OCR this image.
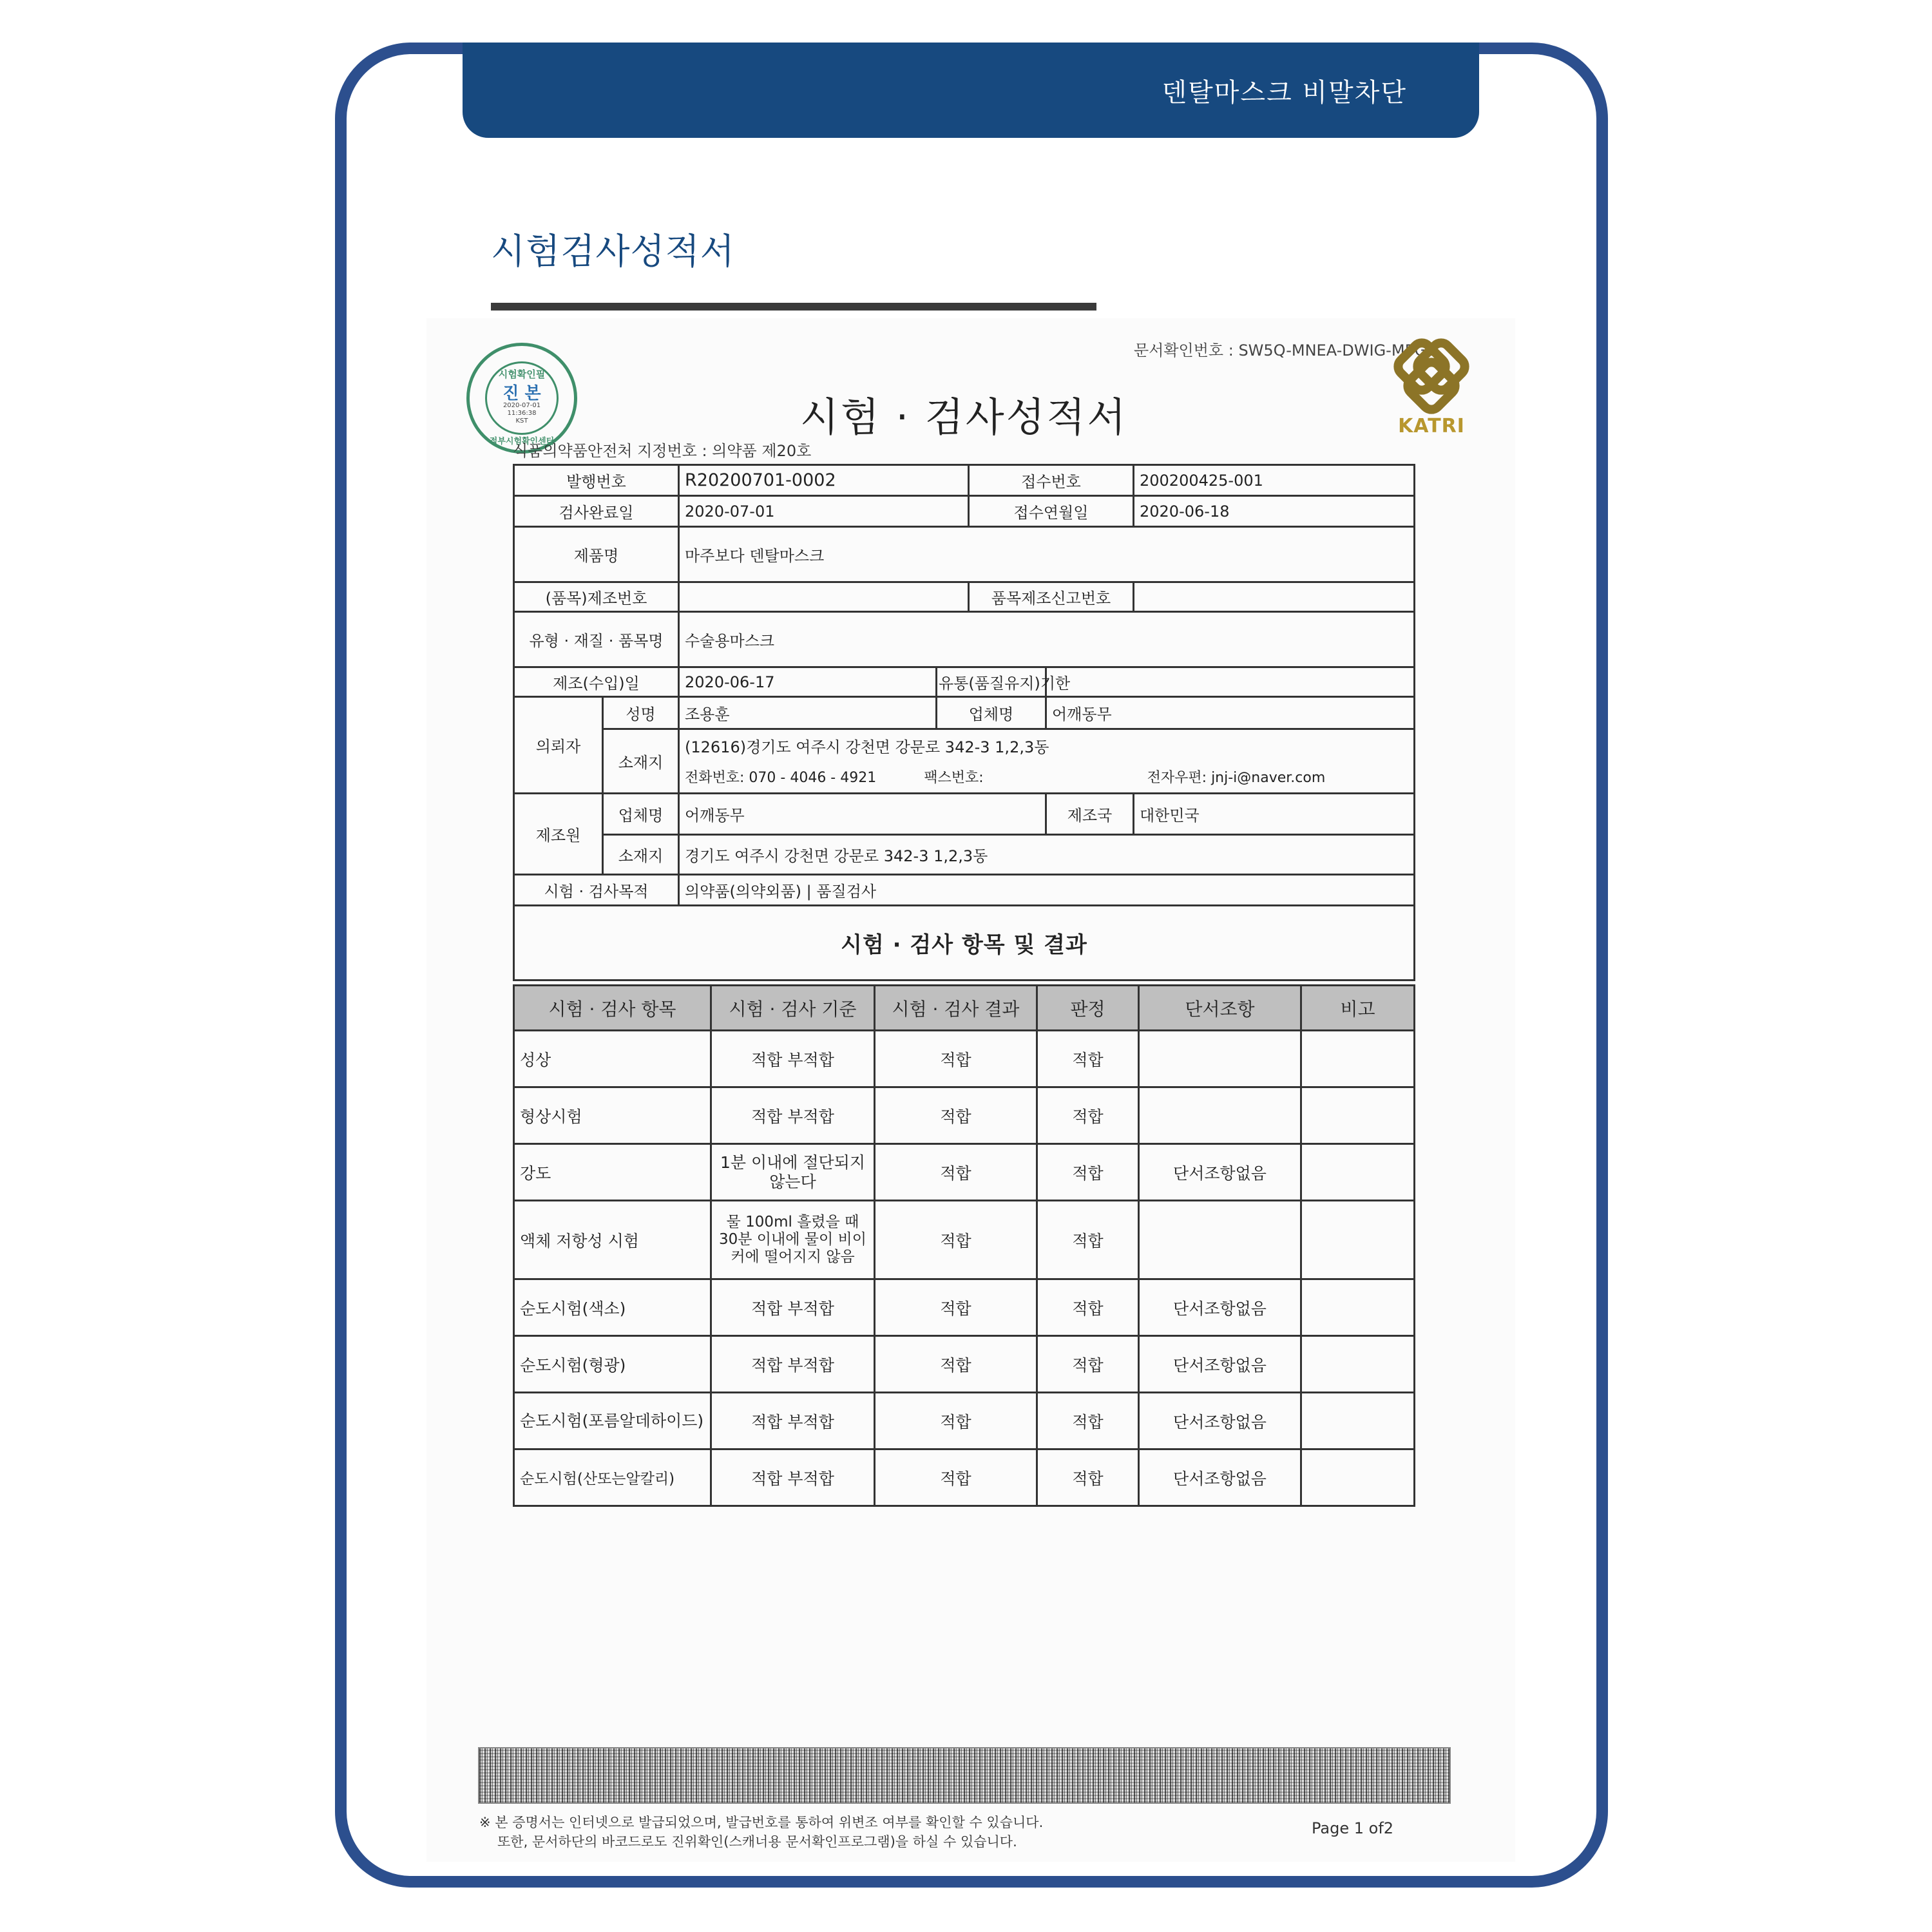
덴탈마스크 비말차단
시험검사성적서
문서확인번호 : SW5Q-MNEA-DWIG-M5GC
시험확인필
진 본
2020-07-01
11:36:38
KST
정부시험확인센터
시험 · 검사성적서	KATRI
식품의약품안전처 지정번호 : 의약품 제20호
발행번호		R20200701-0002		접수번호		200200425-001
검사완료일		2020-07-01		접수연월일		2020-06-18
제품명		마주보다 덴탈마스크				
(품목)제조번호				품목제조신고번호		
유형 · 재질 · 품목명		수술용마스크				
제조(수입)일		2020-06-17	유통(품질유지)기한			
의뢰자	성명	조용훈	업체명		어깨동무	
	소재지	(12616)경기도 여주시 강천면 강문로 342-3 1,2,3동				
		전화번호: 070 - 4046 - 4921 팩스번호: 전자우편: jnj-i@naver.com				
제조원	업체명	어깨동무			제조국	대한민국
	소재지	경기도 여주시 강천면 강문로 342-3 1,2,3동				
시험 · 검사목적		의약품(의약외품) | 품질검사				
시험 · 검사 항목 및 결과						
시험 · 검사 항목	시험 · 검사 기준	시험 · 검사 결과	판정	단서조항	비고
성상	적합 부적합	적합	적합		
형상시험	적합 부적합	적합	적합		
강도	1분 이내에 절단되지 않는다	적합	적합	단서조항없음	
액체 저항성 시험	물 100ml 흘렸을 때 30분 이내에 물이 비이커에 떨어지지 않음	적합	적합		
순도시험(색소)	적합 부적합	적합	적합	단서조항없음	
순도시험(형광)	적합 부적합	적합	적합	단서조항없음	
순도시험(포름알데하이드)	적합 부적합	적합	적합	단서조항없음	
순도시험(산또는알칼리)	적합 부적합	적합	적합	단서조항없음	
※ 본 증명서는 인터넷으로 발급되었으며, 발급번호를 통하여 위변조 여부를 확인할 수 있습니다.
또한, 문서하단의 바코드로도 진위확인(스캐너용 문서확인프로그램)을 하실 수 있습니다.
Page 1 of2
